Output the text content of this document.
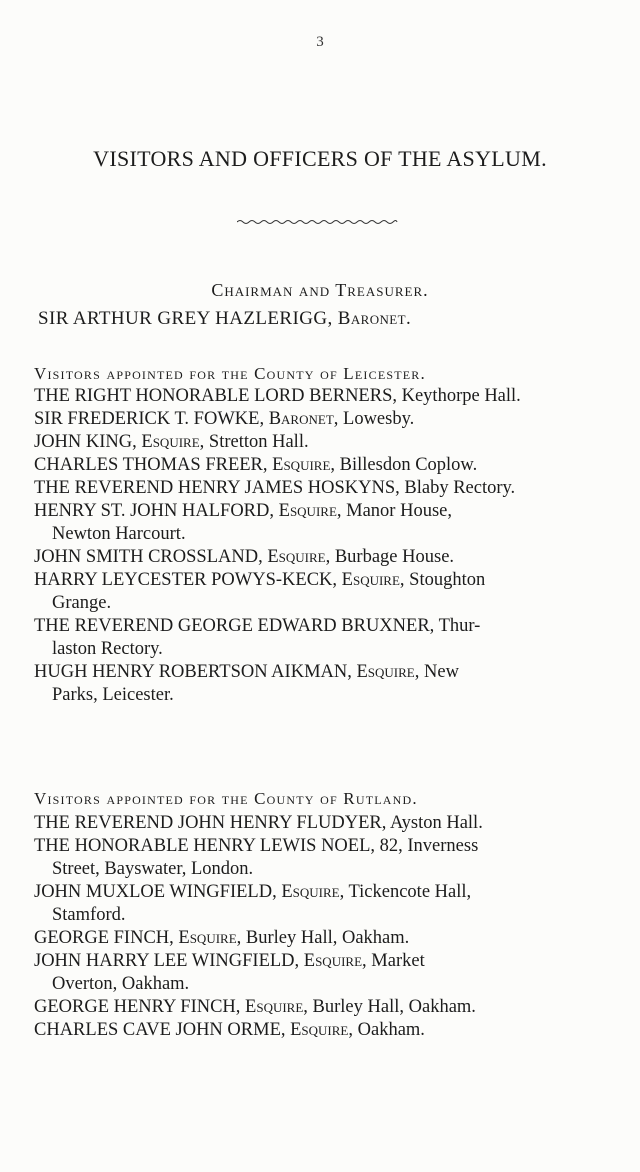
3
VISITORS AND OFFICERS OF THE ASYLUM.
Chairman and Treasurer.
SIR ARTHUR GREY HAZLERIGG, Baronet.
Visitors appointed for the County of Leicester.
THE RIGHT HONORABLE LORD BERNERS, Keythorpe Hall.
SIR FREDERICK T. FOWKE, Baronet, Lowesby.
JOHN KING, Esquire, Stretton Hall.
CHARLES THOMAS FREER, Esquire, Billesdon Coplow.
THE REVEREND HENRY JAMES HOSKYNS, Blaby Rectory.
HENRY ST. JOHN HALFORD, Esquire, Manor House,
Newton Harcourt.
JOHN SMITH CROSSLAND, Esquire, Burbage House.
HARRY LEYCESTER POWYS-KECK, Esquire, Stoughton
Grange.
THE REVEREND GEORGE EDWARD BRUXNER, Thur-
laston Rectory.
HUGH HENRY ROBERTSON AIKMAN, Esquire, New
Parks, Leicester.
Visitors appointed for the County of Rutland.
THE REVEREND JOHN HENRY FLUDYER, Ayston Hall.
THE HONORABLE HENRY LEWIS NOEL, 82, Inverness
Street, Bayswater, London.
JOHN MUXLOE WINGFIELD, Esquire, Tickencote Hall,
Stamford.
GEORGE FINCH, Esquire, Burley Hall, Oakham.
JOHN HARRY LEE WINGFIELD, Esquire, Market
Overton, Oakham.
GEORGE HENRY FINCH, Esquire, Burley Hall, Oakham.
CHARLES CAVE JOHN ORME, Esquire, Oakham.
